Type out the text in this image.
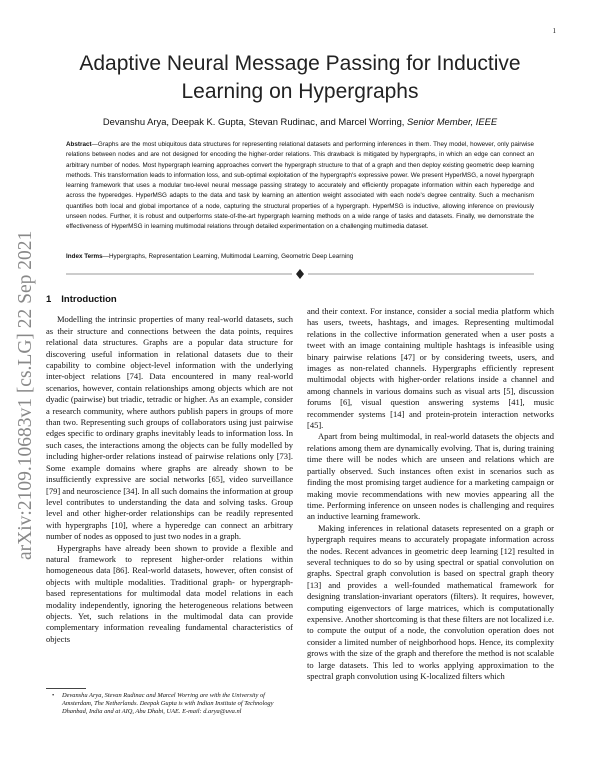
1
arXiv:2109.10683v1 [cs.LG] 22 Sep 2021
Adaptive Neural Message Passing for Inductive
Learning on Hypergraphs
Devanshu Arya, Deepak K. Gupta, Stevan Rudinac, and Marcel Worring, Senior Member, IEEE
Abstract—Graphs are the most ubiquitous data structures for representing relational datasets and performing inferences in them. They model, however, only pairwise relations between nodes and are not designed for encoding the higher-order relations. This drawback is mitigated by hypergraphs, in which an edge can connect an arbitrary number of nodes. Most hypergraph learning approaches convert the hypergraph structure to that of a graph and then deploy existing geometric deep learning methods. This transformation leads to information loss, and sub-optimal exploitation of the hypergraph's expressive power. We present HyperMSG, a novel hypergraph learning framework that uses a modular two-level neural message passing strategy to accurately and efficiently propagate information within each hyperedge and across the hyperedges. HyperMSG adapts to the data and task by learning an attention weight associated with each node's degree centrality. Such a mechanism quantifies both local and global importance of a node, capturing the structural properties of a hypergraph. HyperMSG is inductive, allowing inference on previously unseen nodes. Further, it is robust and outperforms state-of-the-art hypergraph learning methods on a wide range of tasks and datasets. Finally, we demonstrate the effectiveness of HyperMSG in learning multimodal relations through detailed experimentation on a challenging multimedia dataset.
Index Terms—Hypergraphs, Representation Learning, Multimodal Learning, Geometric Deep Learning
1 Introduction

Modelling the intrinsic properties of many real-world datasets, such as their structure and connections between the data points, requires relational data structures. Graphs are a popular data structure for discovering useful information in relational datasets due to their capability to combine object-level information with the underlying inter-object relations [74]. Data encountered in many real-world scenarios, however, contain relationships among objects which are not dyadic (pairwise) but triadic, tetradic or higher. As an example, consider a research community, where authors publish papers in groups of more than two. Representing such groups of collaborators using just pairwise edges specific to ordinary graphs inevitably leads to information loss. In such cases, the interactions among the objects can be fully modelled by including higher-order relations instead of pairwise relations only [73]. Some example domains where graphs are already shown to be insufficiently expressive are social networks [65], video surveillance [79] and neuroscience [34]. In all such domains the information at group level contributes to understanding the data and solving tasks. Group level and other higher-order relationships can be readily represented with hypergraphs [10], where a hyperedge can connect an arbitrary number of nodes as opposed to just two nodes in a graph.

Hypergraphs have already been shown to provide a flexible and natural framework to represent higher-order relations within homogeneous data [86]. Real-world datasets, however, often consist of objects with multiple modalities. Traditional graph- or hypergraph-based representations for multimodal data model relations in each modality independently, ignoring the heterogeneous relations between objects. Yet, such relations in the multimodal data can provide complementary information revealing fundamental characteristics of objects

and their context. For instance, consider a social media platform which has users, tweets, hashtags, and images. Representing multimodal relations in the collective information generated when a user posts a tweet with an image containing multiple hashtags is infeasible using binary pairwise relations [47] or by considering tweets, users, and images as non-related channels. Hypergraphs efficiently represent multimodal objects with higher-order relations inside a channel and among channels in various domains such as visual arts [5], discussion forums [6], visual question answering systems [41], music recommender systems [14] and protein-protein interaction networks [45].

Apart from being multimodal, in real-world datasets the objects and relations among them are dynamically evolving. That is, during training time there will be nodes which are unseen and relations which are partially observed. Such instances often exist in scenarios such as finding the most promising target audience for a marketing campaign or making movie recommendations with new movies appearing all the time. Performing inference on unseen nodes is challenging and requires an inductive learning framework.

Making inferences in relational datasets represented on a graph or hypergraph requires means to accurately propagate information across the nodes. Recent advances in geometric deep learning [12] resulted in several techniques to do so by using spectral or spatial convolution on graphs. Spectral graph convolution is based on spectral graph theory [13] and provides a well-founded mathematical framework for designing translation-invariant operators (filters). It requires, however, computing eigenvectors of large matrices, which is computationally expensive. Another shortcoming is that these filters are not localized i.e. to compute the output of a node, the convolution operation does not consider a limited number of neighborhood hops. Hence, its complexity grows with the size of the graph and therefore the method is not scalable to large datasets. This led to works applying approximation to the spectral graph convolution using K-localized filters which

•	Devanshu Arya, Stevan Rudinac and Marcel Worring are with the University of Amsterdam, The Netherlands. Deepak Gupta is with Indian Institute of Technology Dhanbad, India and at AIQ, Abu Dhabi, UAE. E-mail: d.arya@uva.nl
